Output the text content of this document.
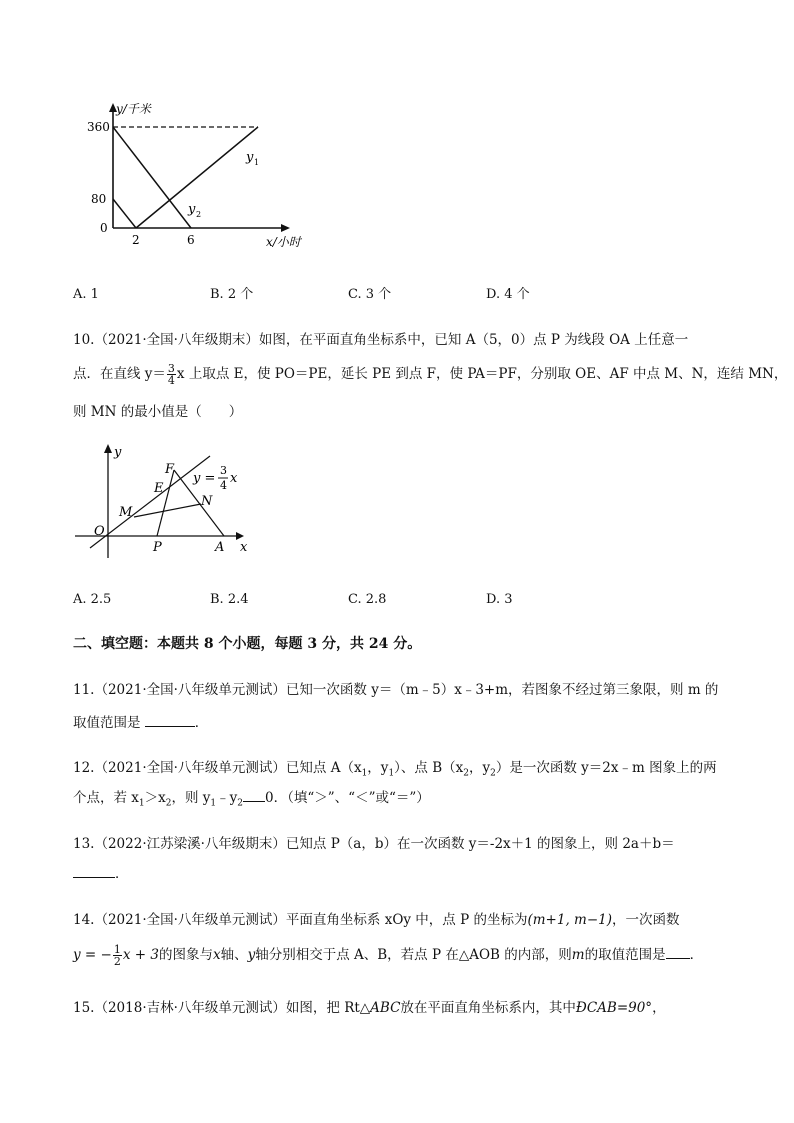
y/千米
360
80
0
2	6	x/小时
y 1
y 2
A. 1	B. 2 个	C. 3 个	D. 4 个
10.（2021·全国·八年级期末）如图，在平面直角坐标系中，已知 A（5，0）点 P 为线段 OA 上任意一
点．在直线 $y= \frac{3}{4}$ x 上取点 E，使 PO＝PE，延长 PE 到点 F，使 PA＝PF，分别取 OE、AF 中点 M、N，连结 MN，
则 MN 的最小值是（　　）
y
x
O
P	A
M
N
E
F
y =
3
4 x
A. 2.5	B. 2.4	C. 2.8	D. 3
二、填空题：本题共 8 个小题，每题 3 分，共 24 分。
11.（2021·全国·八年级单元测试）已知一次函数 y＝（m﹣5）x﹣3+m，若图象不经过第三象限，则 m 的
取值范围是	．
12.（2021·全国·八年级单元测试）已知点 $A(x_1$，$y_1$）、点 $B(x_2$，$y_2$）是一次函数 y＝2x﹣m 图象上的两
个点，若 $x_1>x_2$，则 $y_1﹣y_2$ 0．（填“＞”、“＜”或“＝”）
13.（2022·江苏梁溪·八年级期末）已知点 P（a，b）在一次函数 y＝-2x＋1 的图象上，则 2a＋b＝
．
14.（2021·全国·八年级单元测试）平面直角坐标系 xOy 中，点 P 的坐标为(m+1, m−1)，一次函数
y = − $\frac{1}{2}$ x + 3的图象与x轴、y轴分别相交于点 A、B，若点 P 在△AOB 的内部，则m的取值范围是 ．
15.（2018·吉林·八年级单元测试）如图，把 Rt△ABC放在平面直角坐标系内，其中ÐCAB=90°，
